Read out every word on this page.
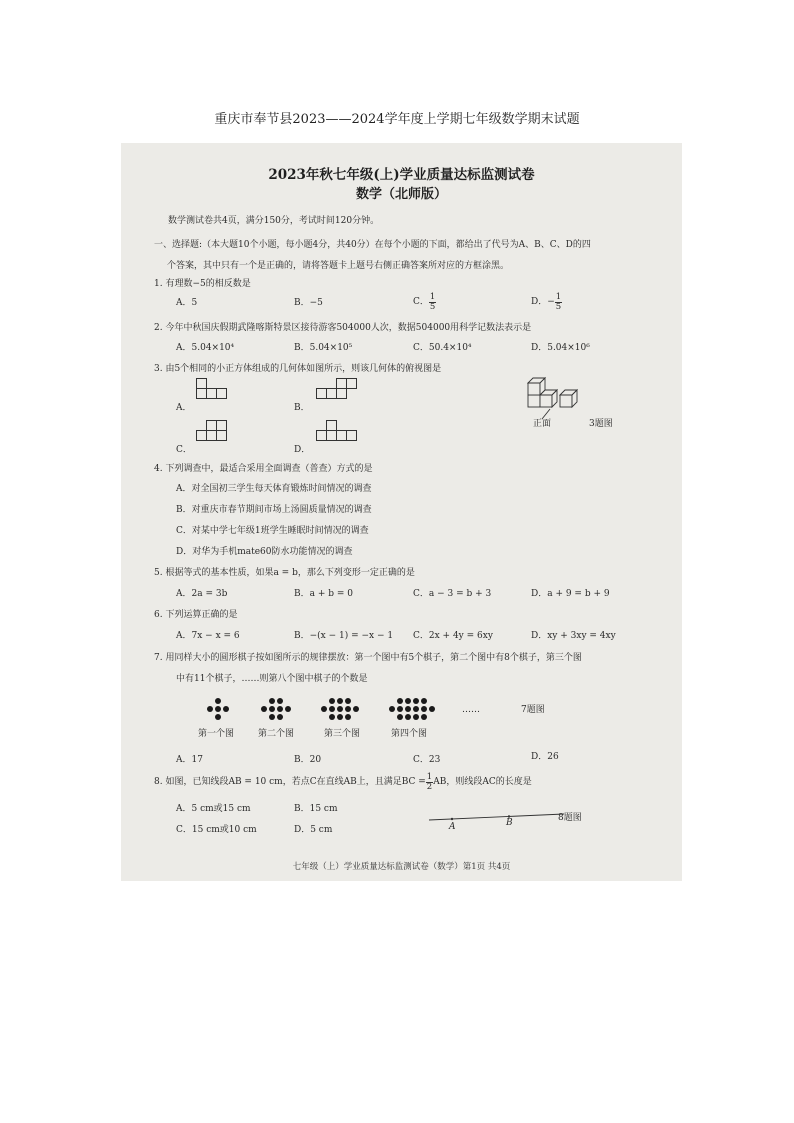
重庆市奉节县2023——2024学年度上学期七年级数学期末试题
2023年秋七年级(上)学业质量达标监测试卷
数学（北师版）
数学测试卷共4页，满分150分，考试时间120分钟。
一、选择题:（本大题10个小题，每小题4分，共40分）在每个小题的下面，都给出了代号为A、B、C、D的四
个答案，其中只有一个是正确的，请将答题卡上题号右侧正确答案所对应的方框涂黑。
1. 有理数−5的相反数是
A．5	B．−5	C． $\frac{1}{5}$	D．− $\frac{1}{5}$
2. 今年中秋国庆假期武隆喀斯特景区接待游客504000人次，数据504000用科学记数法表示是
A．5.04×10⁴	B．5.04×10⁵	C．50.4×10⁴	D．5.04×10⁶
3. 由5个相同的小正方体组成的几何体如图所示，则该几何体的俯视图是
A．	B．
C．	D．
正面	3题图
4. 下列调查中，最适合采用全面调查（普查）方式的是
A．对全国初三学生每天体育锻炼时间情况的调查
B．对重庆市春节期间市场上汤圆质量情况的调查
C．对某中学七年级1班学生睡眠时间情况的调查
D．对华为手机mate60防水功能情况的调查
5. 根据等式的基本性质，如果a = b，那么下列变形一定正确的是
A．2a = 3b	B．a + b = 0	C．a − 3 = b + 3	D．a + 9 = b + 9
6. 下列运算正确的是
A．7x − x = 6	B．−(x − 1) = −x − 1 C．2x + 4y = 6xy	D．xy + 3xy = 4xy
7. 用同样大小的圆形棋子按如图所示的规律摆放：第一个图中有5个棋子，第二个图中有8个棋子，第三个图
中有11个棋子，……则第八个图中棋子的个数是
第一个图	第二个图	第三个图	第四个图
……	7题图
A．17	B．20	C．23	D．26
8. 如图，已知线段AB = 10 cm，若点C在直线AB上，且满足BC = $\frac{1}{2}$ AB，则线段AC的长度是
A．5 cm或15 cm	B．15 cm
C．15 cm或10 cm	D．5 cm	A	B	8题图
七年级（上）学业质量达标监测试卷（数学）第1页 共4页
